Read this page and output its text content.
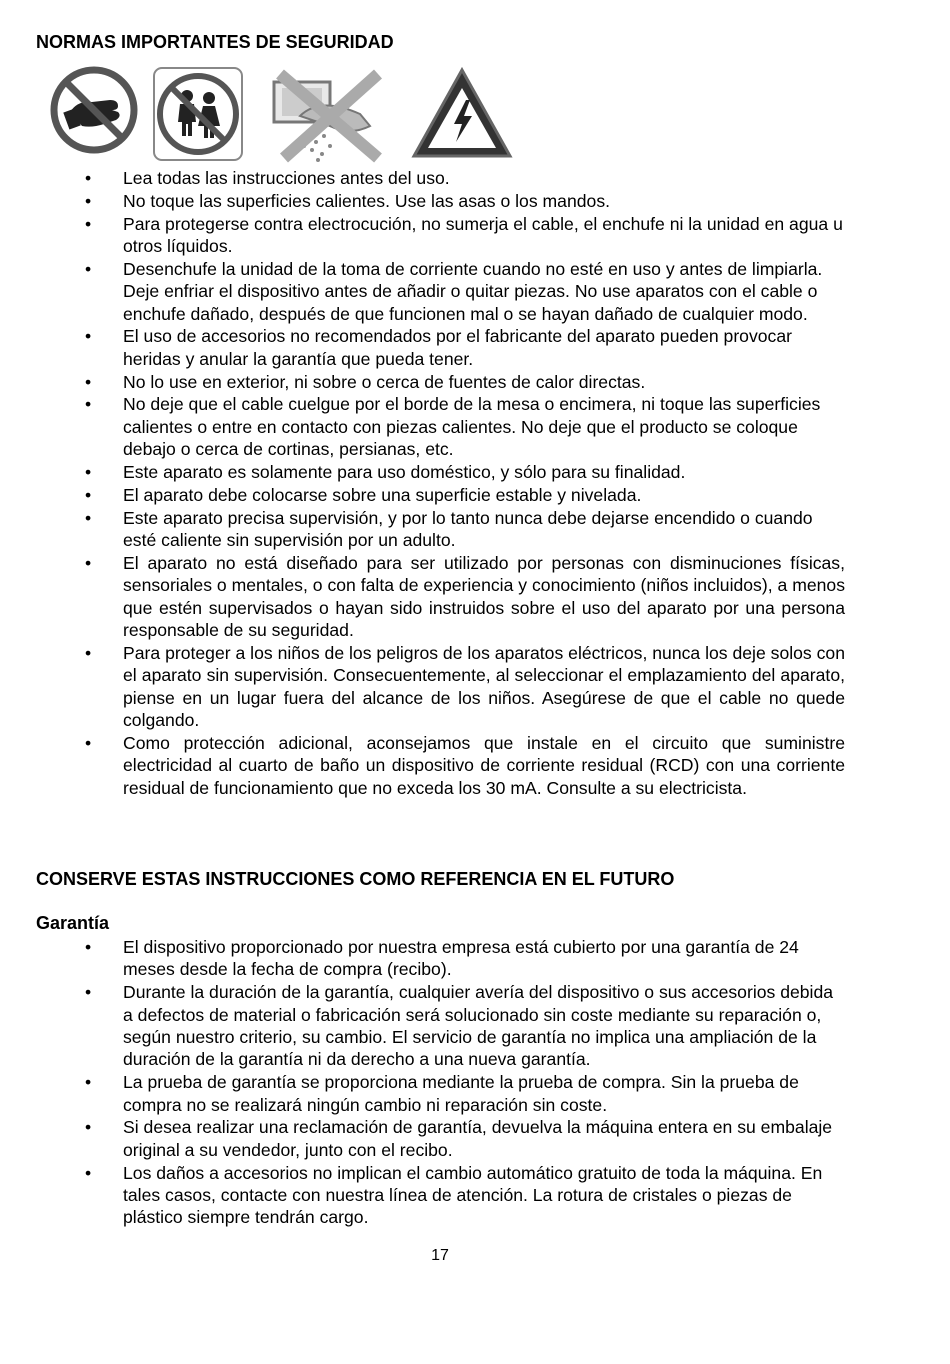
NORMAS IMPORTANTES DE SEGURIDAD
• Lea todas las instrucciones antes del uso.
• No toque las superficies calientes. Use las asas o los mandos.
• Para protegerse contra electrocución, no sumerja el cable, el enchufe ni la unidad en agua u otros líquidos.
• Desenchufe la unidad de la toma de corriente cuando no esté en uso y antes de limpiarla. Deje enfriar el dispositivo antes de añadir o quitar piezas. No use aparatos con el cable o enchufe dañado, después de que funcionen mal o se hayan dañado de cualquier modo.
• El uso de accesorios no recomendados por el fabricante del aparato pueden provocar heridas y anular la garantía que pueda tener.
• No lo use en exterior, ni sobre o cerca de fuentes de calor directas.
• No deje que el cable cuelgue por el borde de la mesa o encimera, ni toque las superficies calientes o entre en contacto con piezas calientes. No deje que el producto se coloque debajo o cerca de cortinas, persianas, etc.
• Este aparato es solamente para uso doméstico, y sólo para su finalidad.
• El aparato debe colocarse sobre una superficie estable y nivelada.
• Este aparato precisa supervisión, y por lo tanto nunca debe dejarse encendido o cuando esté caliente sin supervisión por un adulto.
• El aparato no está diseñado para ser utilizado por personas con disminuciones físicas, sensoriales o mentales, o con falta de experiencia y conocimiento (niños incluidos), a menos que estén supervisados o hayan sido instruidos sobre el uso del aparato por una persona responsable de su seguridad.
• Para proteger a los niños de los peligros de los aparatos eléctricos, nunca los deje solos con el aparato sin supervisión. Consecuentemente, al seleccionar el emplazamiento del aparato, piense en un lugar fuera del alcance de los niños. Asegúrese de que el cable no quede colgando.
• Como protección adicional, aconsejamos que instale en el circuito que suministre electricidad al cuarto de baño un dispositivo de corriente residual (RCD) con una corriente residual de funcionamiento que no exceda los 30 mA. Consulte a su electricista.
CONSERVE ESTAS INSTRUCCIONES COMO REFERENCIA EN EL FUTURO
Garantía
• El dispositivo proporcionado por nuestra empresa está cubierto por una garantía de 24 meses desde la fecha de compra (recibo).
• Durante la duración de la garantía, cualquier avería del dispositivo o sus accesorios debida a defectos de material o fabricación será solucionado sin coste mediante su reparación o, según nuestro criterio, su cambio. El servicio de garantía no implica una ampliación de la duración de la garantía ni da derecho a una nueva garantía.
• La prueba de garantía se proporciona mediante la prueba de compra. Sin la prueba de compra no se realizará ningún cambio ni reparación sin coste.
• Si desea realizar una reclamación de garantía, devuelva la máquina entera en su embalaje original a su vendedor, junto con el recibo.
• Los daños a accesorios no implican el cambio automático gratuito de toda la máquina. En tales casos, contacte con nuestra línea de atención. La rotura de cristales o piezas de plástico siempre tendrán cargo.
17
